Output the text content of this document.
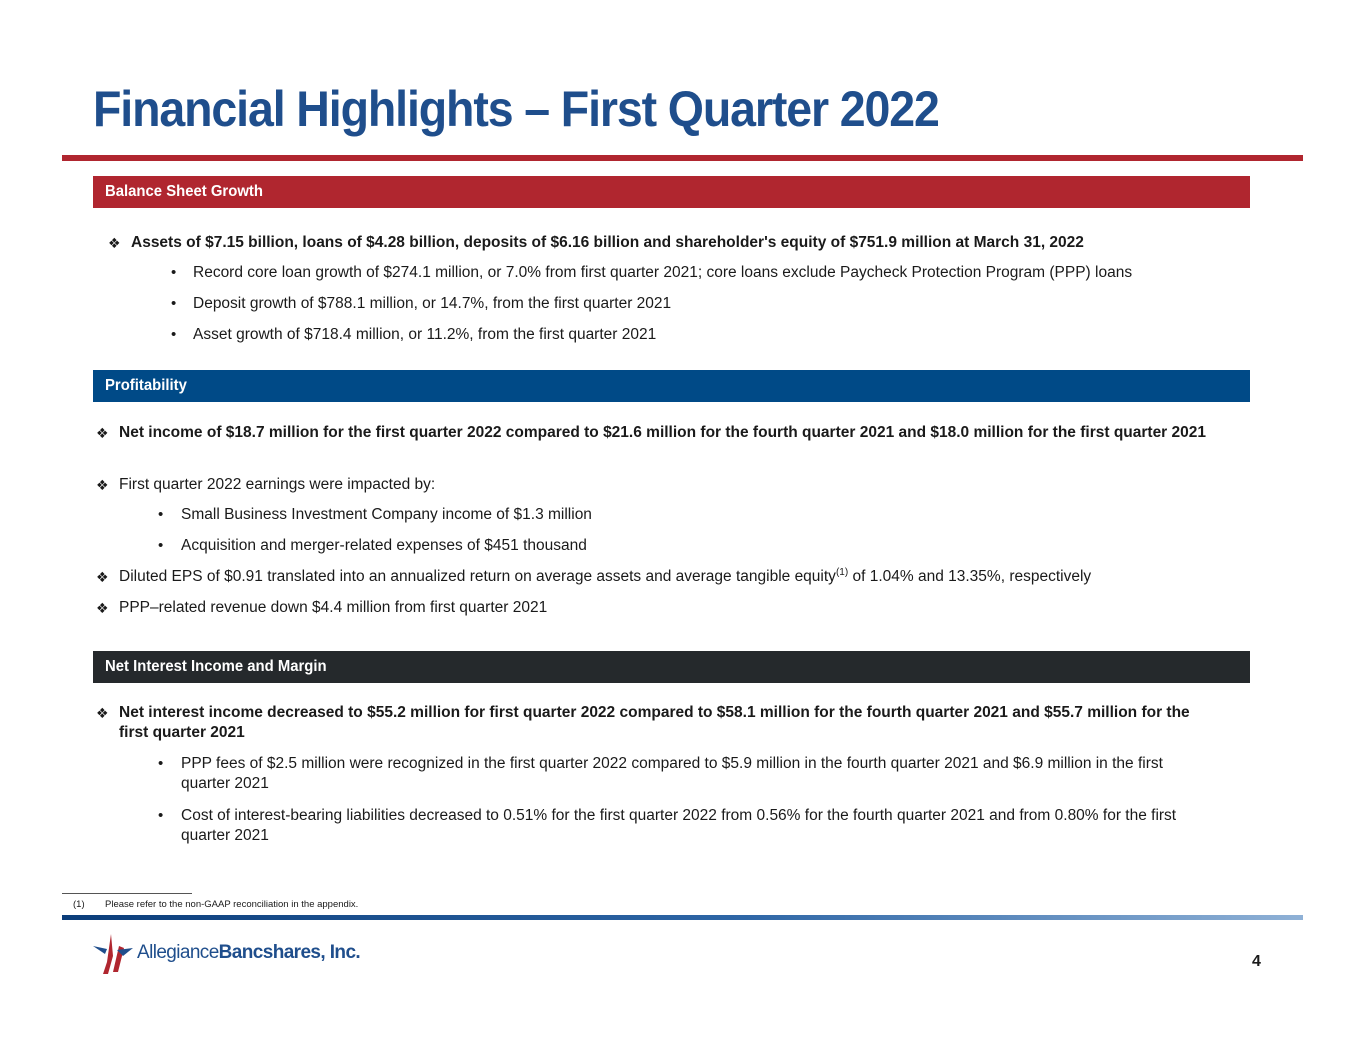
Financial Highlights – First Quarter 2022
Balance Sheet Growth
❖ Assets of $7.15 billion, loans of $4.28 billion, deposits of $6.16 billion and shareholder's equity of $751.9 million at March 31, 2022
• Record core loan growth of $274.1 million, or 7.0% from first quarter 2021; core loans exclude Paycheck Protection Program (PPP) loans
• Deposit growth of $788.1 million, or 14.7%, from the first quarter 2021
• Asset growth of $718.4 million, or 11.2%, from the first quarter 2021
Profitability
❖ Net income of $18.7 million for the first quarter 2022 compared to $21.6 million for the fourth quarter 2021 and $18.0 million for the first quarter 2021
❖ First quarter 2022 earnings were impacted by:
• Small Business Investment Company income of $1.3 million
• Acquisition and merger-related expenses of $451 thousand
❖ Diluted EPS of $0.91 translated into an annualized return on average assets and average tangible equity$^{(1)}$ of 1.04% and 13.35%, respectively
❖ PPP–related revenue down $4.4 million from first quarter 2021
Net Interest Income and Margin
❖ Net interest income decreased to $55.2 million for first quarter 2022 compared to $58.1 million for the fourth quarter 2021 and $55.7 million for the first quarter 2021
• PPP fees of $2.5 million were recognized in the first quarter 2022 compared to $5.9 million in the fourth quarter 2021 and $6.9 million in the first quarter 2021
• Cost of interest-bearing liabilities decreased to 0.51% for the first quarter 2022 from 0.56% for the fourth quarter 2021 and from 0.80% for the first quarter 2021
(1) Please refer to the non-GAAP reconciliation in the appendix.
AllegianceBancshares, Inc.	4
